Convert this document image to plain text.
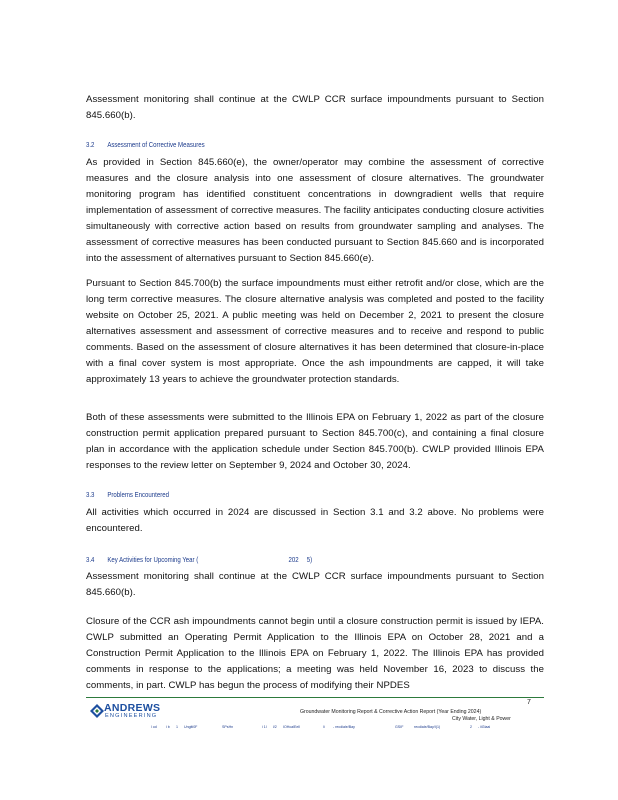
Assessment monitoring shall continue at the CWLP CCR surface impoundments pursuant to Section 845.660(b).
3.2 Assessment of Corrective Measures
As provided in Section 845.660(e), the owner/operator may combine the assessment of corrective measures and the closure analysis into one assessment of closure alternatives. The groundwater monitoring program has identified constituent concentrations in downgradient wells that require implementation of assessment of corrective measures. The facility anticipates conducting closure activities simultaneously with corrective action based on results from groundwater sampling and analyses. The assessment of corrective measures has been conducted pursuant to Section 845.660 and is incorporated into the assessment of alternatives pursuant to Section 845.660(e).
Pursuant to Section 845.700(b) the surface impoundments must either retrofit and/or close, which are the long term corrective measures. The closure alternative analysis was completed and posted to the facility website on October 25, 2021. A public meeting was held on December 2, 2021 to present the closure alternatives assessment and assessment of corrective measures and to receive and respond to public comments. Based on the assessment of closure alternatives it has been determined that closure-in-place with a final cover system is most appropriate. Once the ash impoundments are capped, it will take approximately 13 years to achieve the groundwater protection standards.
Both of these assessments were submitted to the Illinois EPA on February 1, 2022 as part of the closure construction permit application prepared pursuant to Section 845.700(c), and containing a final closure plan in accordance with the application schedule under Section 845.700(b). CWLP provided Illinois EPA responses to the review letter on September 9, 2024 and October 30, 2024.
3.3 Problems Encountered
All activities which occurred in 2024 are discussed in Section 3.1 and 3.2 above. No problems were encountered.
3.4 Key Activities for Upcoming Year (	202 5)
Assessment monitoring shall continue at the CWLP CCR surface impoundments pursuant to Section 845.660(b).
Closure of the CCR ash impoundments cannot begin until a closure construction permit is issued by IEPA. CWLP submitted an Operating Permit Application to the Illinois EPA on October 28, 2021 and a Construction Permit Application to the Illinois EPA on February 1, 2022. The Illinois EPA has provided comments in response to the applications; a meeting was held November 16, 2023 to discuss the comments, in part. CWLP has begun the process of modifying their NPDES
ANDREWS
ENGINEERING
7
Groundwater Monitoring Report & Corrective Action Report (Year Ending 2024)
City Water, Light & Power
l od	i b 1 Ungiti0F	SPsHn	i 1l l/2 IOHcalEell	li - recdiale/Bay	GSIF	recdiale/Bay/I(1)	2 - iiGlaai
